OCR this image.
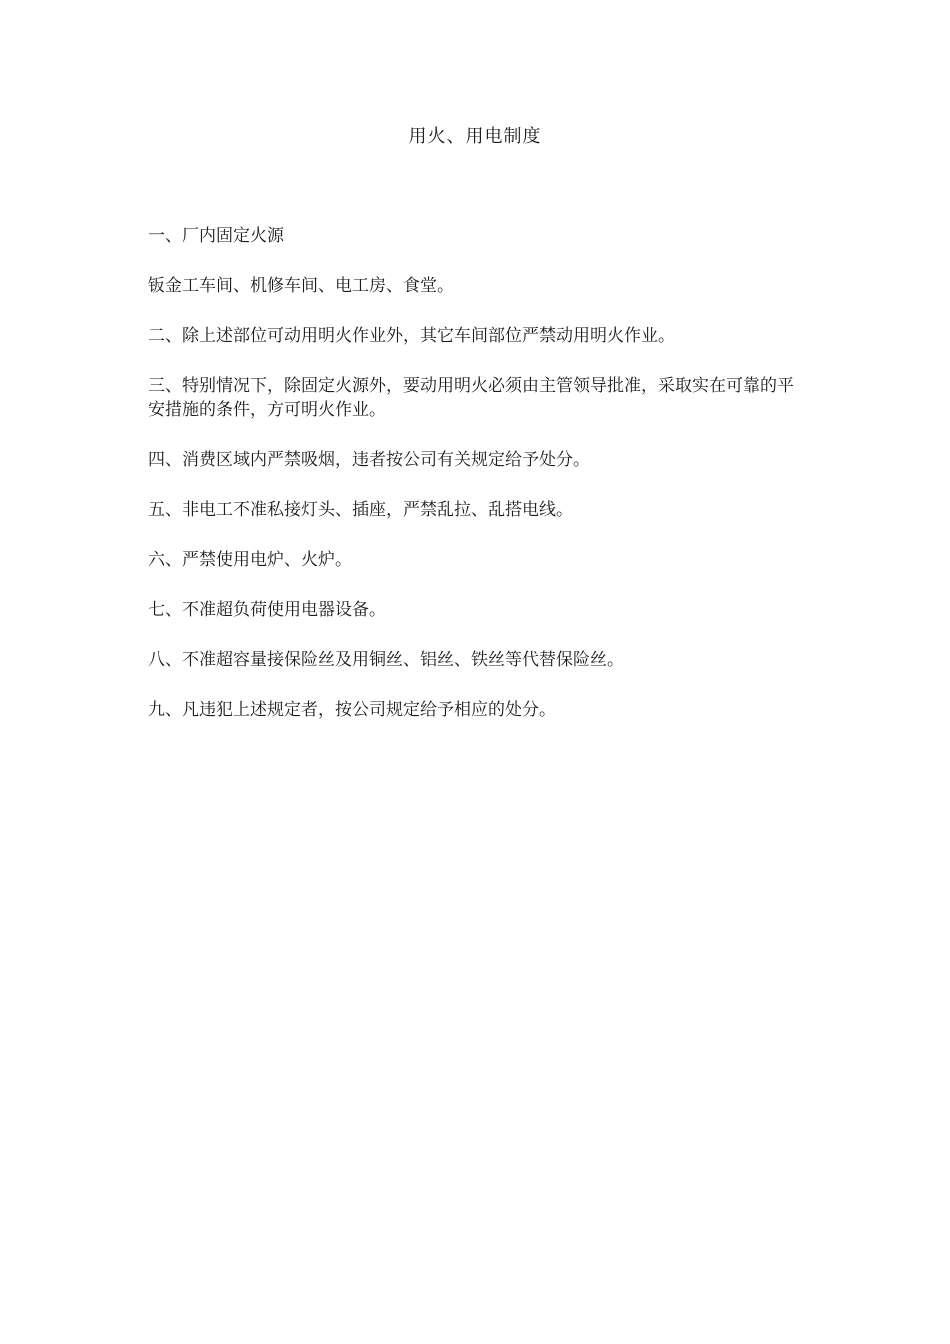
用火、用电制度

一、厂内固定火源

钣金工车间、机修车间、电工房、食堂。

二、除上述部位可动用明火作业外，其它车间部位严禁动用明火作业。

三、特别情况下，除固定火源外，要动用明火必须由主管领导批准，采取实在可靠的平安措施的条件，方可明火作业。

四、消费区域内严禁吸烟，违者按公司有关规定给予处分。

五、非电工不准私接灯头、插座，严禁乱拉、乱搭电线。

六、严禁使用电炉、火炉。

七、不准超负荷使用电器设备。

八、不准超容量接保险丝及用铜丝、铝丝、铁丝等代替保险丝。

九、凡违犯上述规定者，按公司规定给予相应的处分。
